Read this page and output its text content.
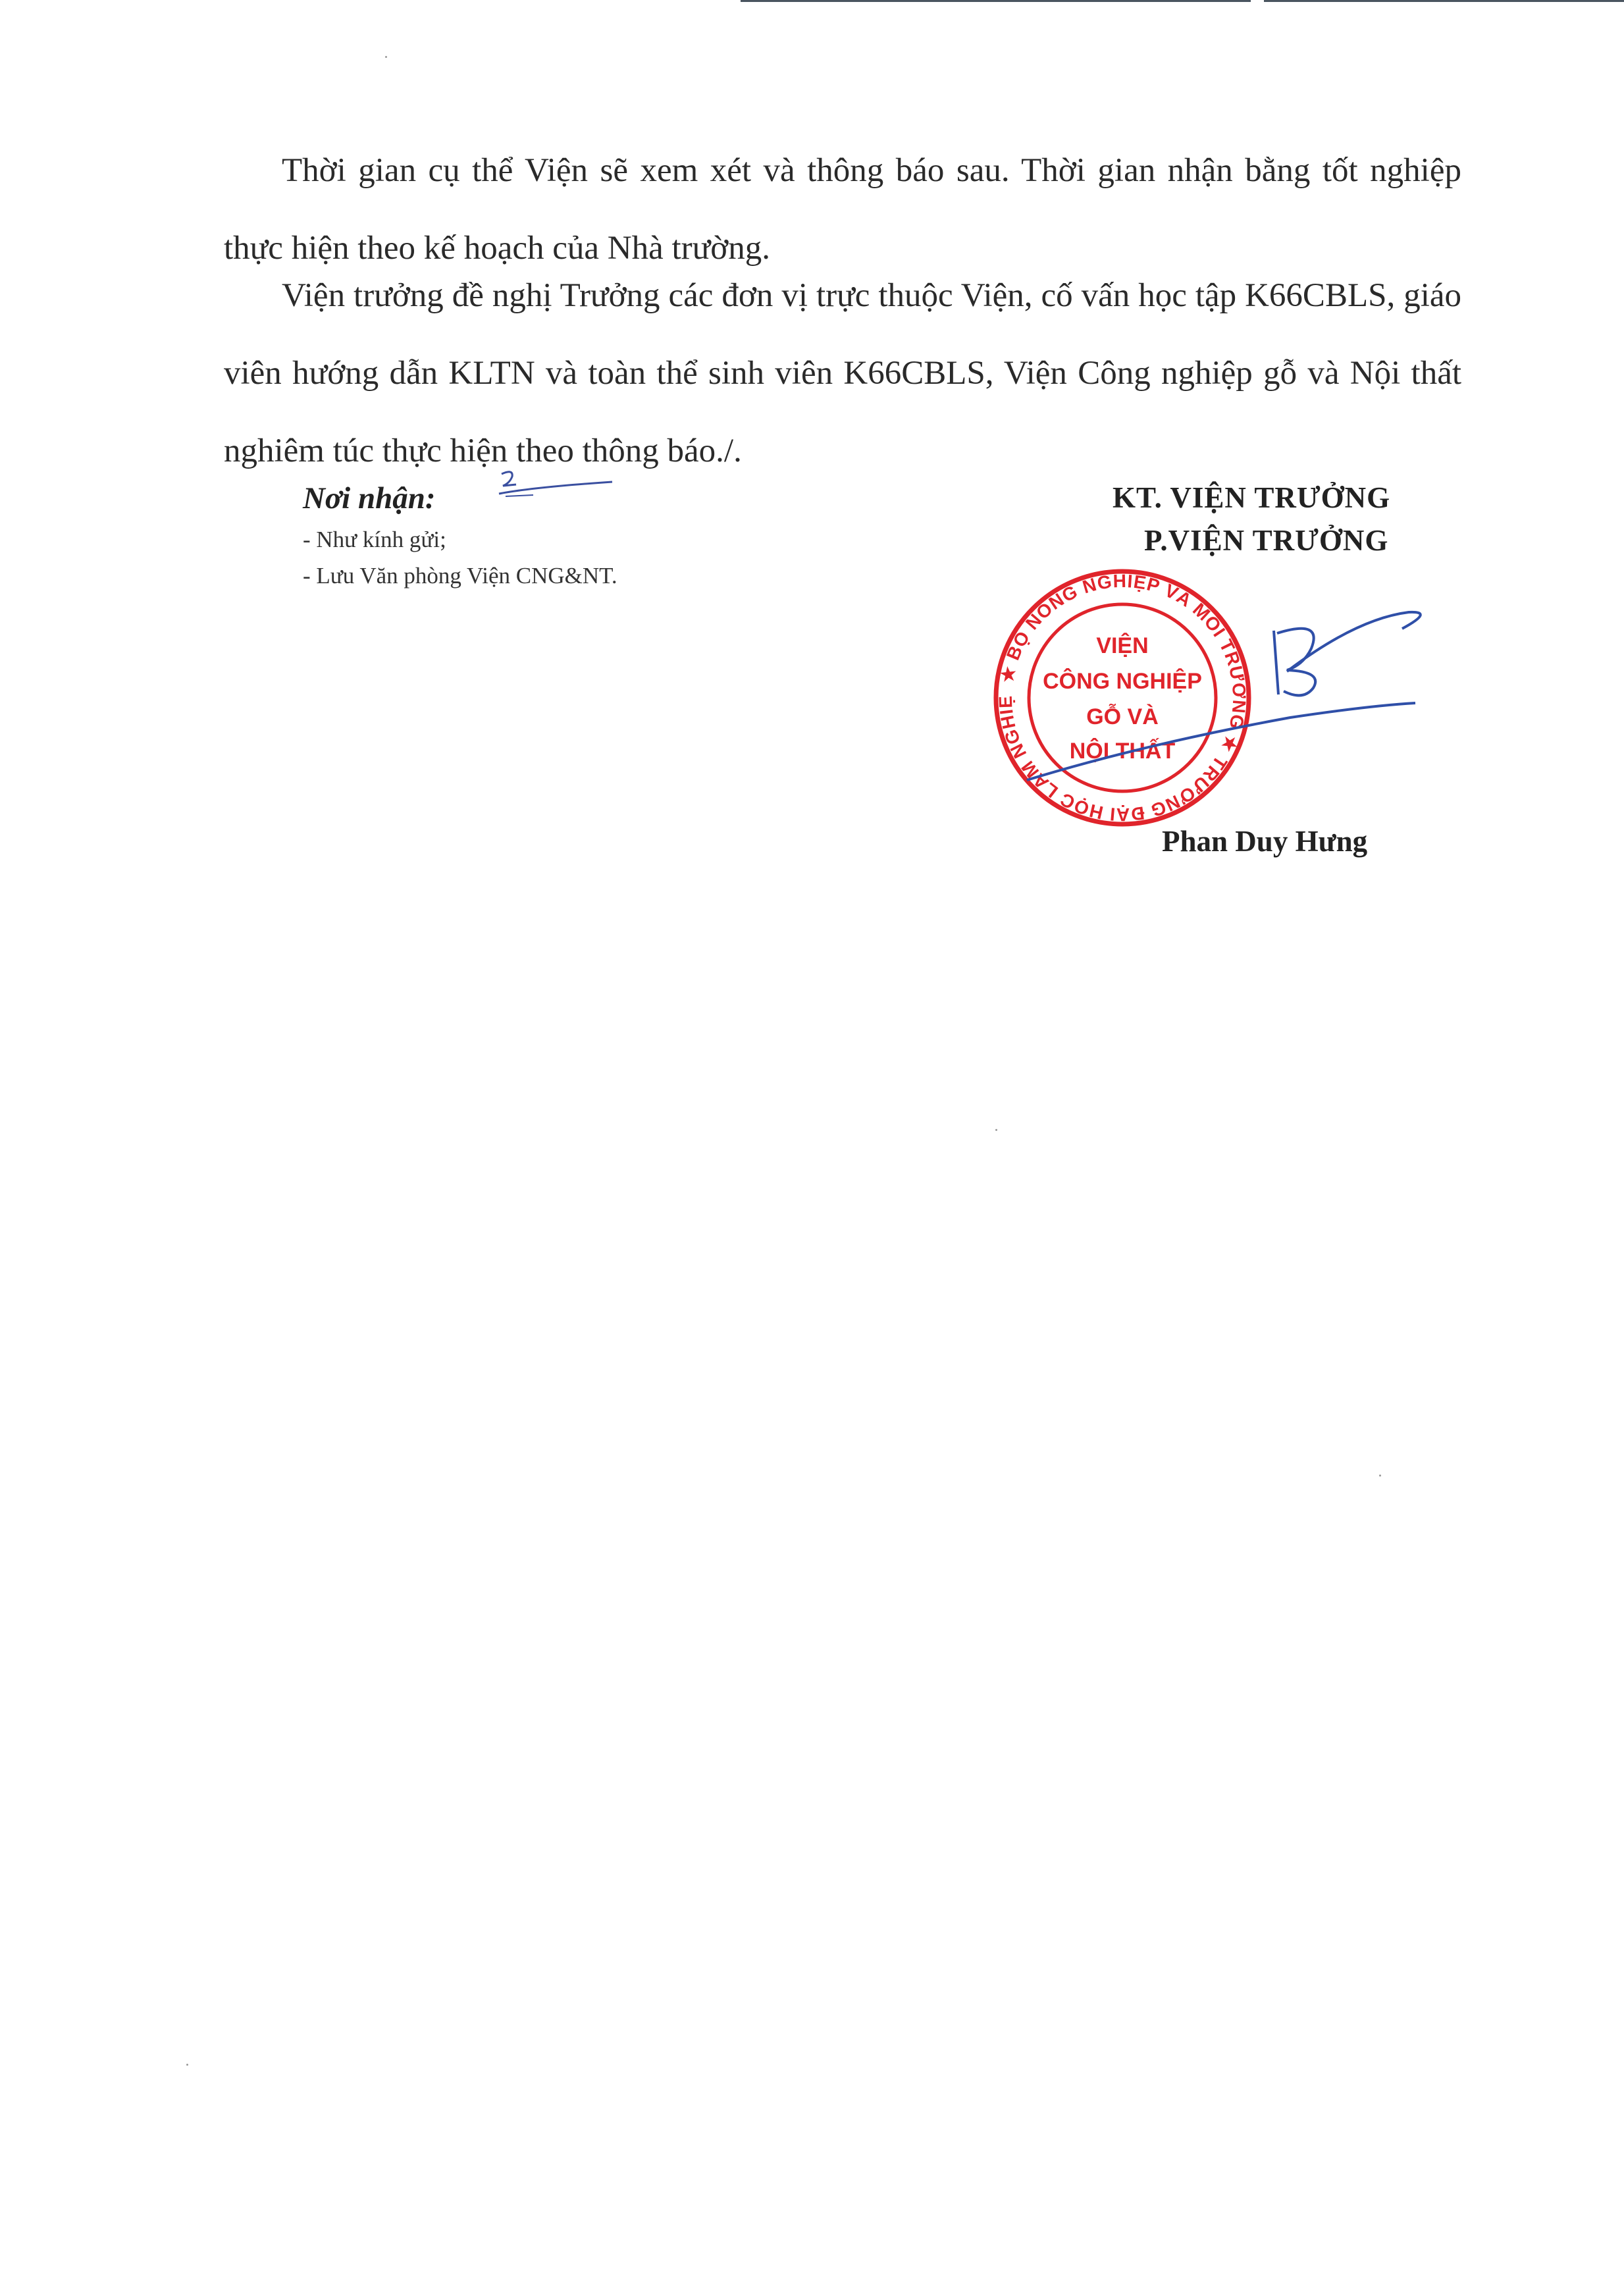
Thời gian cụ thể Viện sẽ xem xét và thông báo sau. Thời gian nhận bằng tốt nghiệp thực hiện theo kế hoạch của Nhà trường.

Viện trưởng đề nghị Trưởng các đơn vị trực thuộc Viện, cố vấn học tập K66CBLS, giáo viên hướng dẫn KLTN và toàn thể sinh viên K66CBLS, Viện Công nghiệp gỗ và Nội thất nghiêm túc thực hiện theo thông báo./.

Nơi nhận:
- Như kính gửi;
- Lưu Văn phòng Viện CNG&NT.
KT. VIỆN TRƯỞNG
P.VIỆN TRƯỞNG
★ BỘ NÔNG NGHIỆP VÀ MÔI TRƯỜNG ★ TRƯỜNG ĐẠI HỌC LÂM NGHIỆ
VIỆN
CÔNG NGHIỆP
GỖ VÀ
NỘI THẤT
Phan Duy Hưng
